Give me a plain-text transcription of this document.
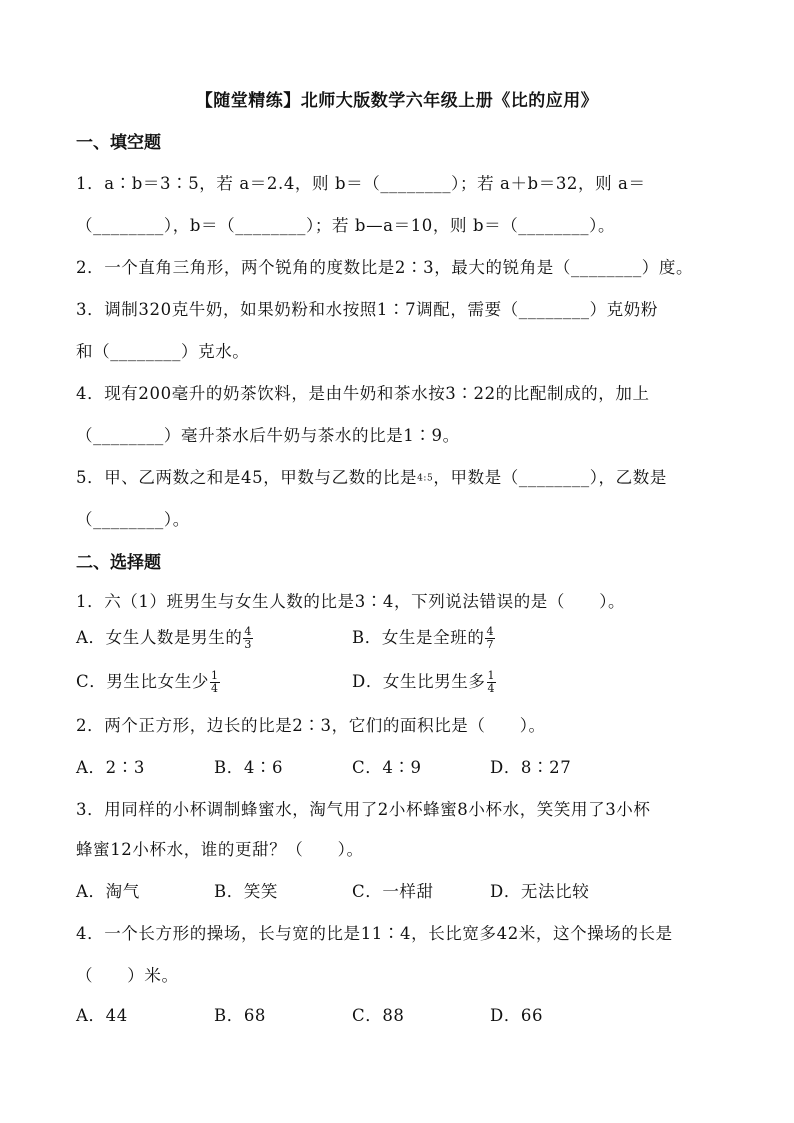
【随堂精练】北师大版数学六年级上册《比的应用》
一、填空题
1．a∶b＝3∶5，若 a＝2.4，则 b＝（________）；若 a＋b＝32，则 a＝
（________），b＝（________）；若 b—a＝10，则 b＝（________）。
2．一个直角三角形，两个锐角的度数比是2∶3，最大的锐角是（________）度。
3．调制320克牛奶，如果奶粉和水按照1∶7调配，需要（________）克奶粉
和（________）克水。
4．现有200毫升的奶茶饮料，是由牛奶和茶水按3∶22的比配制成的，加上
（________）毫升茶水后牛奶与茶水的比是1∶9。
5．甲、乙两数之和是45，甲数与乙数的比是4:5，甲数是（________），乙数是
（________）。
二、选择题
1．六（1）班男生与女生人数的比是3∶4，下列说法错误的是（　　）。
A．女生人数是男生的 $\frac{4}{3}$	B．女生是全班的 $\frac{4}{7}$
C．男生比女生少 $\frac{1}{4}$	D．女生比男生多 $\frac{1}{4}$
2．两个正方形，边长的比是2∶3，它们的面积比是（　　）。
A．2∶3	B．4∶6	C．4∶9	D．8∶27
3．用同样的小杯调制蜂蜜水，淘气用了2小杯蜂蜜8小杯水，笑笑用了3小杯
蜂蜜12小杯水，谁的更甜？（　　）。
A．淘气	B．笑笑	C．一样甜	D．无法比较
4．一个长方形的操场，长与宽的比是11∶4，长比宽多42米，这个操场的长是
（　　）米。
A．44	B．68	C．88	D．66
